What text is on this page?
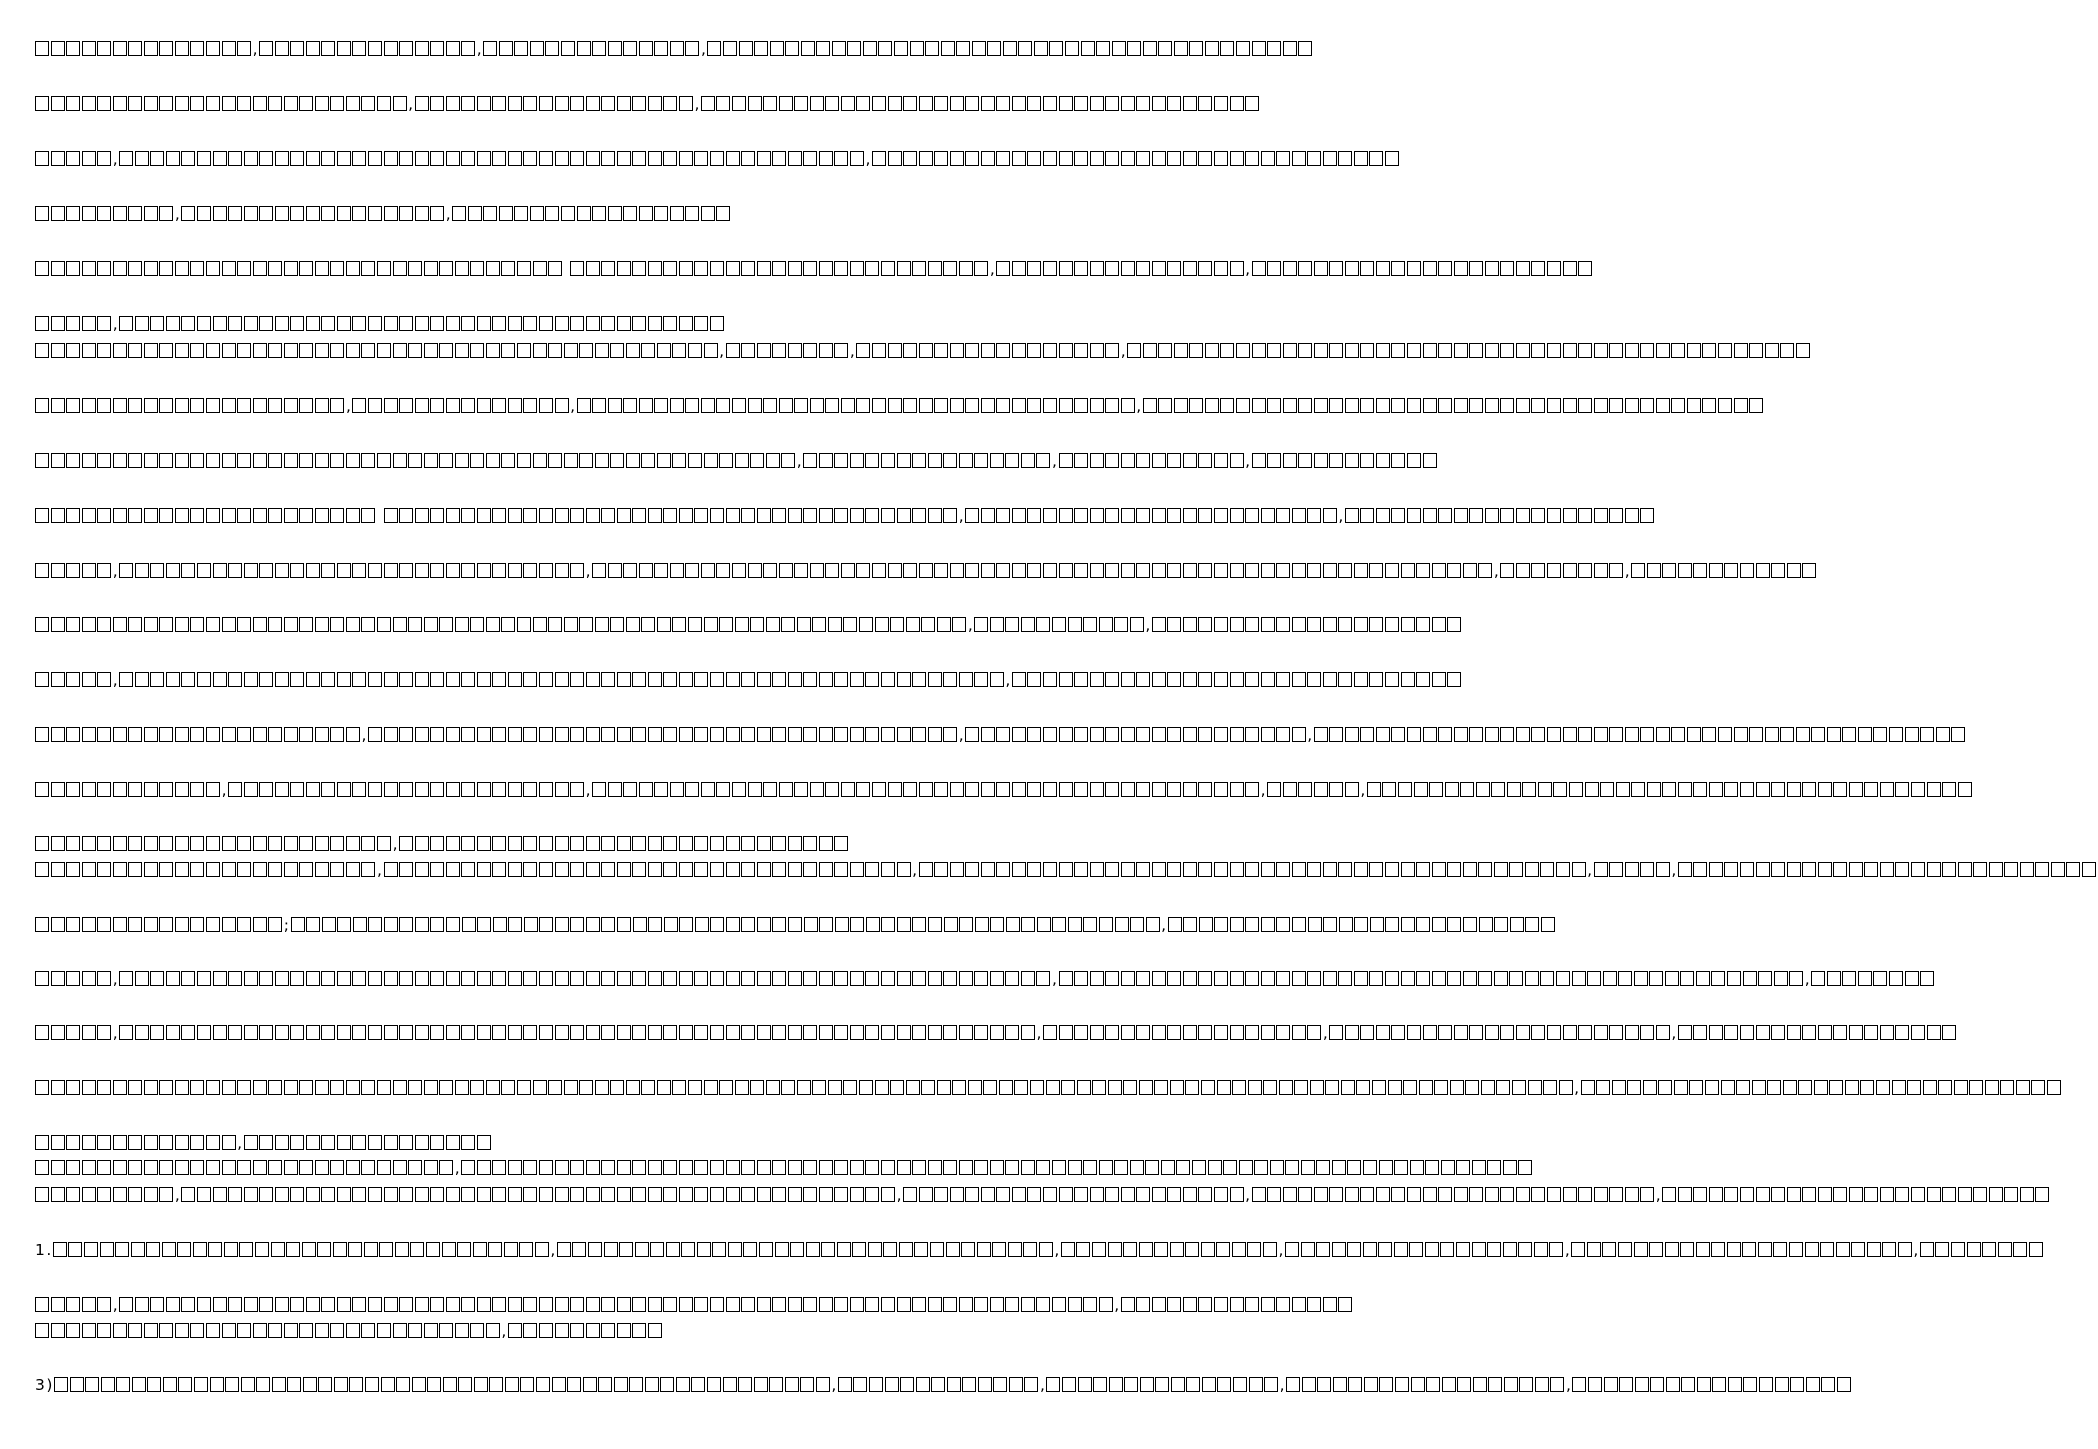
,	,	,
,	,
,	,
,	,
,	,
,
,	,	,
,	,	,
,	,	,
,	,
,	,	,	,
,	,
,	,
,	,	,
,	,	,	,
,
,	,	,	,
;	,
,	,	,
,	,	,	,
,
,
,
,	,	,	,
1.	,	,	,	,	,
,	,
,
3)	,	,	,	,
